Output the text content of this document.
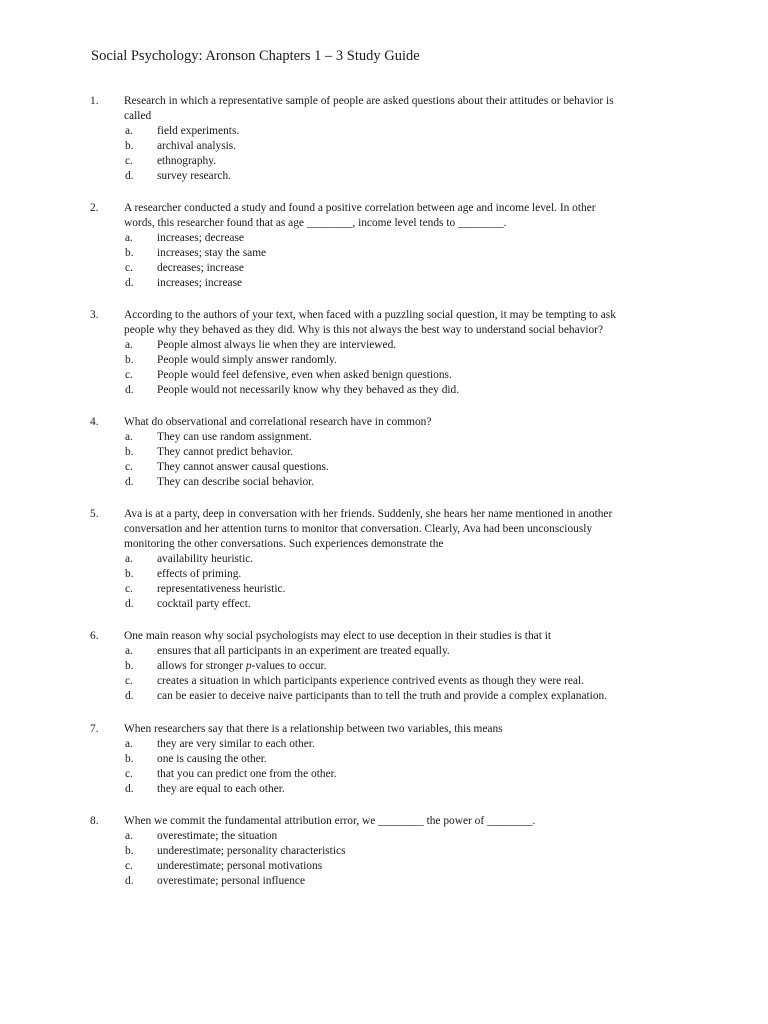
Social Psychology: Aronson Chapters 1 – 3 Study Guide
1. Research in which a representative sample of people are asked questions about their attitudes or behavior is
called
a. field experiments.
b. archival analysis.
c. ethnography.
d. survey research.
2. A researcher conducted a study and found a positive correlation between age and income level. In other
words, this researcher found that as age ________, income level tends to ________.
a. increases; decrease
b. increases; stay the same
c. decreases; increase
d. increases; increase
3. According to the authors of your text, when faced with a puzzling social question, it may be tempting to ask
people why they behaved as they did. Why is this not always the best way to understand social behavior?
a. People almost always lie when they are interviewed.
b. People would simply answer randomly.
c. People would feel defensive, even when asked benign questions.
d. People would not necessarily know why they behaved as they did.
4. What do observational and correlational research have in common?
a. They can use random assignment.
b. They cannot predict behavior.
c. They cannot answer causal questions.
d. They can describe social behavior.
5. Ava is at a party, deep in conversation with her friends. Suddenly, she hears her name mentioned in another
conversation and her attention turns to monitor that conversation. Clearly, Ava had been unconsciously
monitoring the other conversations. Such experiences demonstrate the
a. availability heuristic.
b. effects of priming.
c. representativeness heuristic.
d. cocktail party effect.
6. One main reason why social psychologists may elect to use deception in their studies is that it
a. ensures that all participants in an experiment are treated equally.
b. allows for stronger p-values to occur.
c. creates a situation in which participants experience contrived events as though they were real.
d. can be easier to deceive naive participants than to tell the truth and provide a complex explanation.
7. When researchers say that there is a relationship between two variables, this means
a. they are very similar to each other.
b. one is causing the other.
c. that you can predict one from the other.
d. they are equal to each other.
8. When we commit the fundamental attribution error, we ________ the power of ________.
a. overestimate; the situation
b. underestimate; personality characteristics
c. underestimate; personal motivations
d. overestimate; personal influence
